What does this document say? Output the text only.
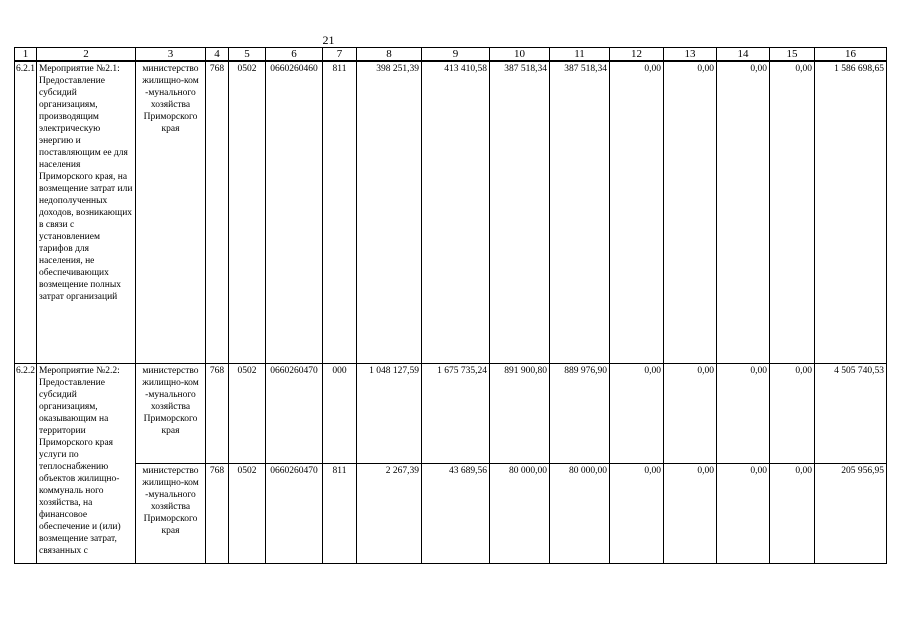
21
1	2	3	4	5	6	7	8	9	10	11	12	13	14	15	16
6.2.1	Мероприятие №2.1: Предоставление субсидий организациям, производящим электрическую энергию и поставляющим ее для населения Приморского края, на возмещение затрат или недополученных доходов, возникающих в связи с установлением тарифов для населения, не обеспечивающих возмещение полных затрат организаций	министерство жилищно-ком -мунального хозяйства Приморского края	768	0502	0660260460	811	398 251,39	413 410,58	387 518,34	387 518,34	0,00	0,00	0,00	0,00	1 586 698,65
6.2.2	Мероприятие №2.2: Предоставление субсидий организациям, оказывающим на территории Приморского края услуги по теплоснабжению объектов жилищно-коммуналь ного хозяйства, на финансовое обеспечение и (или) возмещение затрат, связанных с	министерство жилищно-ком -мунального хозяйства Приморского края	768	0502	0660260470	000	1 048 127,59	1 675 735,24	891 900,80	889 976,90	0,00	0,00	0,00	0,00	4 505 740,53
		министерство жилищно-ком -мунального хозяйства Приморского края	768	0502	0660260470	811	2 267,39	43 689,56	80 000,00	80 000,00	0,00	0,00	0,00	0,00	205 956,95
